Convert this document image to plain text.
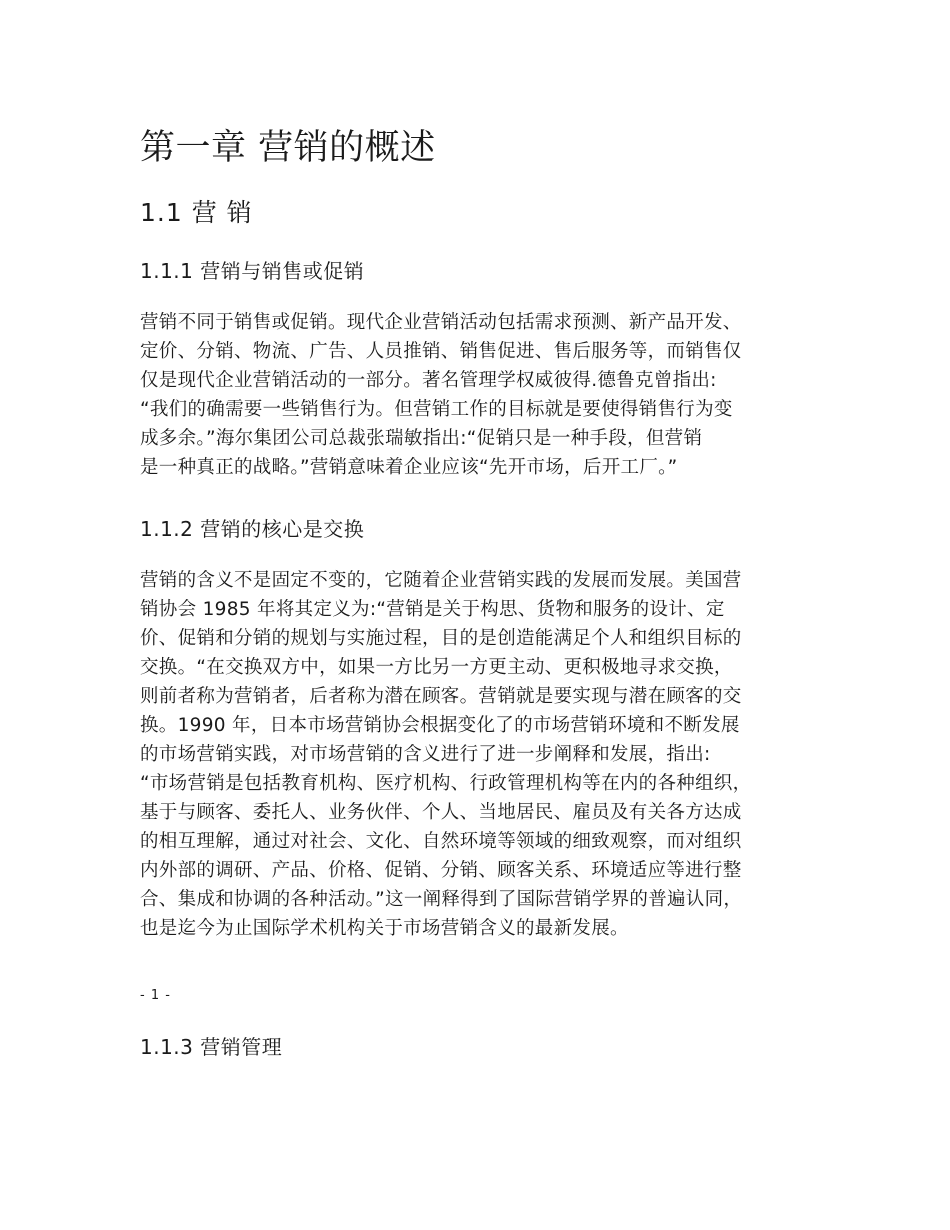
第一章 营销的概述
1.1 营 销
1.1.1 营销与销售或促销
营销不同于销售或促销。现代企业营销活动包括需求预测、新产品开发、
定价、分销、物流、广告、人员推销、销售促进、售后服务等，而销售仅
仅是现代企业营销活动的一部分。著名管理学权威彼得.德鲁克曾指出:
“我们的确需要一些销售行为。但营销工作的目标就是要使得销售行为变
成多余。”海尔集团公司总裁张瑞敏指出:“促销只是一种手段，但营销
是一种真正的战略。”营销意味着企业应该“先开市场，后开工厂。”
1.1.2 营销的核心是交换
营销的含义不是固定不变的，它随着企业营销实践的发展而发展。美国营
销协会 1985 年将其定义为:“营销是关于构思、货物和服务的设计、定
价、促销和分销的规划与实施过程，目的是创造能满足个人和组织目标的
交换。“在交换双方中，如果一方比另一方更主动、更积极地寻求交换，
则前者称为营销者，后者称为潜在顾客。营销就是要实现与潜在顾客的交
换。1990 年，日本市场营销协会根据变化了的市场营销环境和不断发展
的市场营销实践，对市场营销的含义进行了进一步阐释和发展，指出:
“市场营销是包括教育机构、医疗机构、行政管理机构等在内的各种组织，
基于与顾客、委托人、业务伙伴、个人、当地居民、雇员及有关各方达成
的相互理解，通过对社会、文化、自然环境等领域的细致观察，而对组织
内外部的调研、产品、价格、促销、分销、顾客关系、环境适应等进行整
合、集成和协调的各种活动。”这一阐释得到了国际营销学界的普遍认同，
也是迄今为止国际学术机构关于市场营销含义的最新发展。
- 1 -
1.1.3 营销管理
